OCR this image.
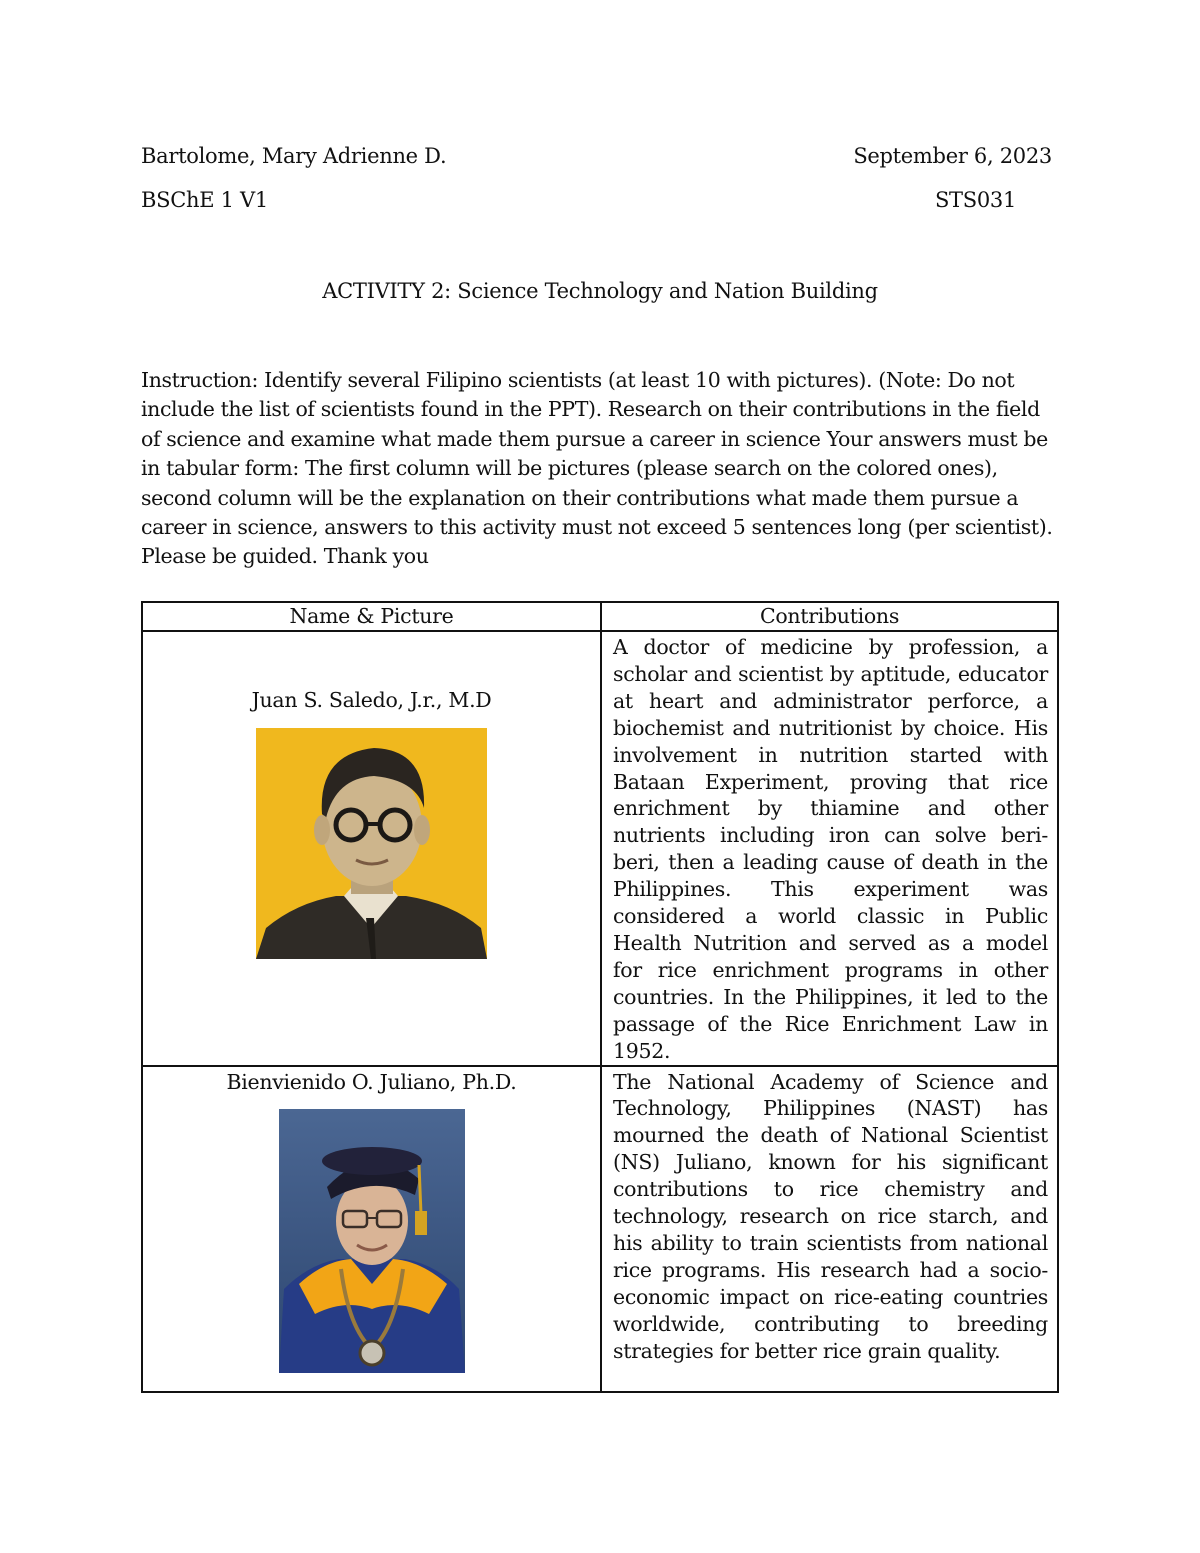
Bartolome, Mary Adrienne D.	September 6, 2023
BSChE 1 V1	STS031
ACTIVITY 2: Science Technology and Nation Building
Instruction: Identify several Filipino scientists (at least 10 with pictures). (Note: Do not include the list of scientists found in the PPT). Research on their contributions in the field of science and examine what made them pursue a career in science Your answers must be in tabular form: The first column will be pictures (please search on the colored ones), second column will be the explanation on their contributions what made them pursue a career in science, answers to this activity must not exceed 5 sentences long (per scientist). Please be guided. Thank you
Name & Picture	Contributions

Juan S. Saledo, J.r., M.D	A doctor of medicine by profession, a scholar and scientist by aptitude, educator at heart and administrator perforce, a biochemist and nutritionist by choice. His involvement in nutrition started with Bataan Experiment, proving that rice enrichment by thiamine and other nutrients including iron can solve beri-beri, then a leading cause of death in the Philippines. This experiment was considered a world classic in Public Health Nutrition and served as a model for rice enrichment programs in other countries. In the Philippines, it led to the passage of the Rice Enrichment Law in 1952.

Bienvienido O. Juliano, Ph.D.	The National Academy of Science and Technology, Philippines (NAST) has mourned the death of National Scientist (NS) Juliano, known for his significant contributions to rice chemistry and technology, research on rice starch, and his ability to train scientists from national rice programs. His research had a socio-economic impact on rice-eating countries worldwide, contributing to breeding strategies for better rice grain quality.
